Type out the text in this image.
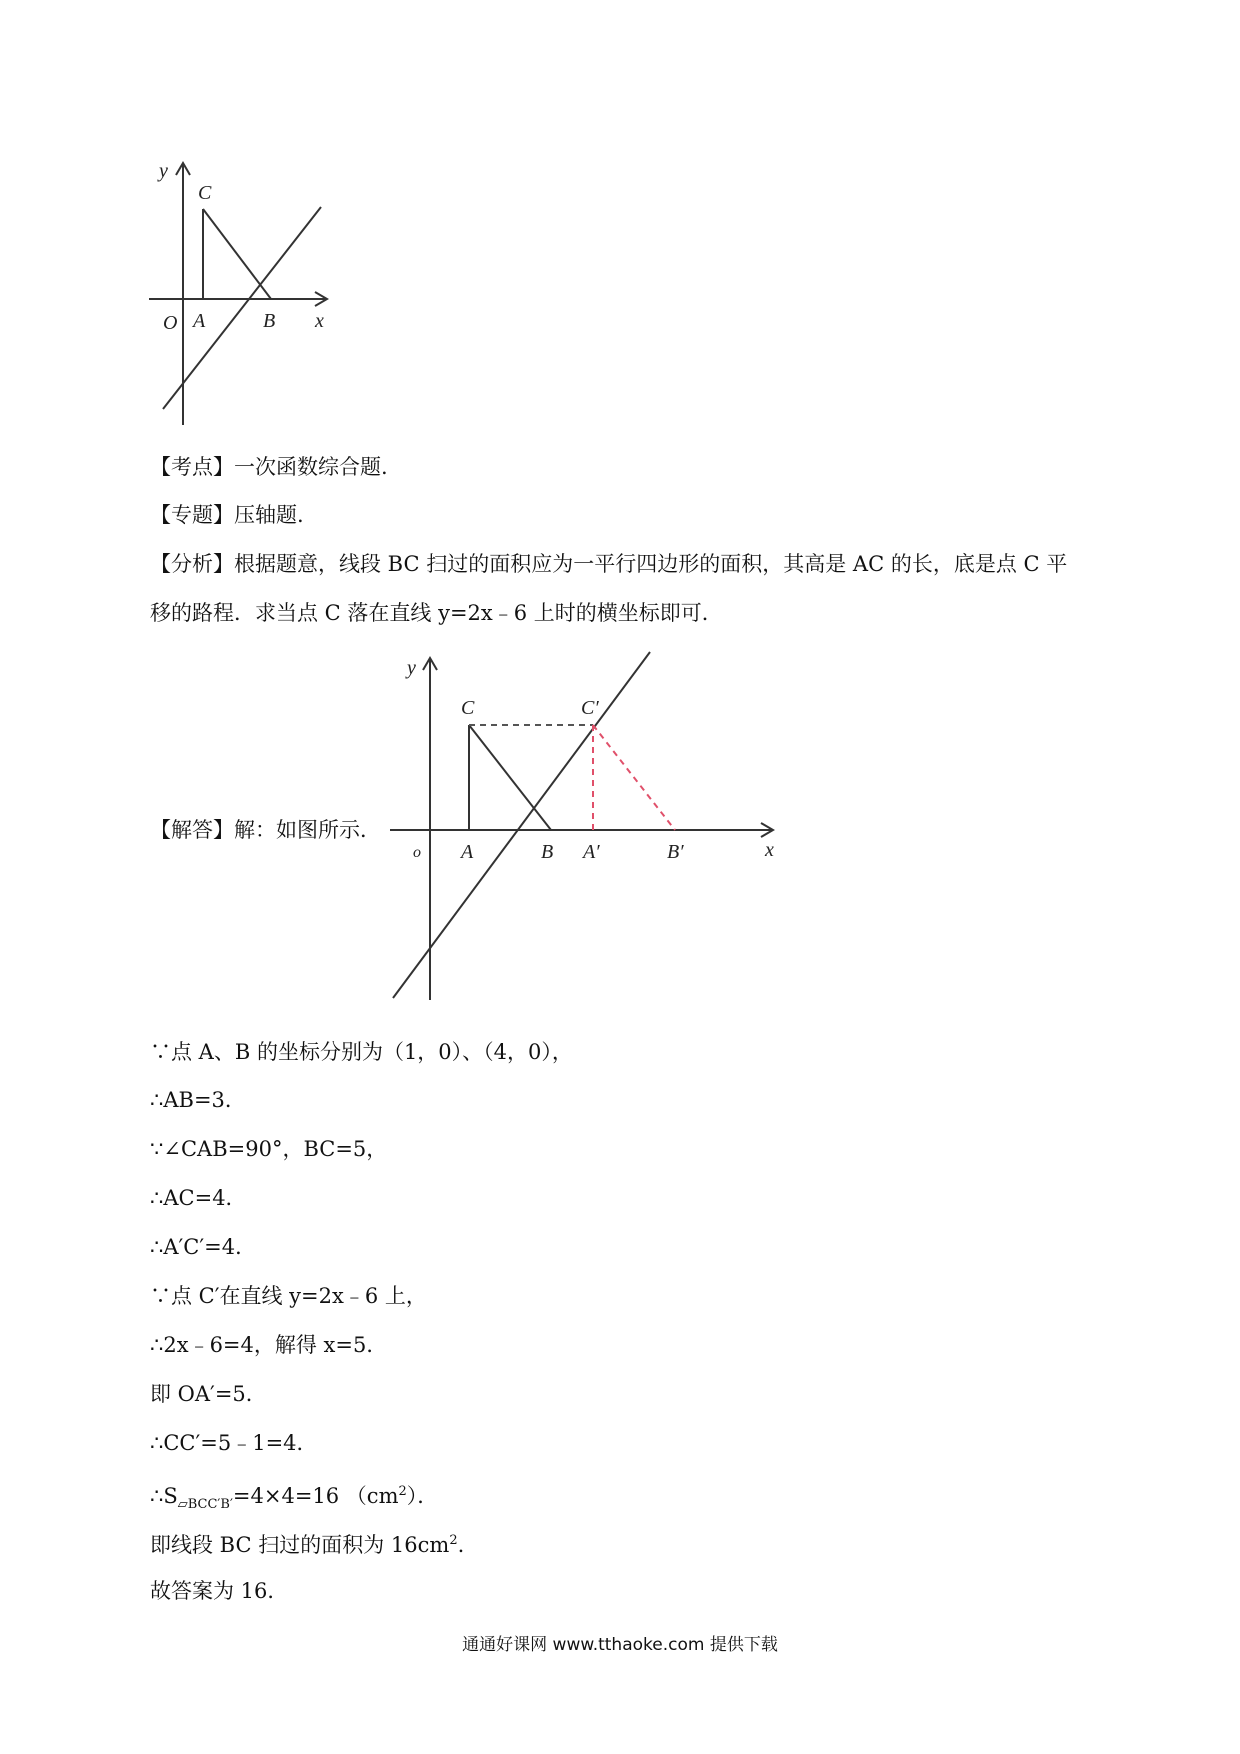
y
C
O A	B x
【考点】一次函数综合题.
【专题】压轴题.
【分析】根据题意，线段 BC 扫过的面积应为一平行四边形的面积，其高是 AC 的长，底是点 C 平
移的路程．求当点 C 落在直线 y=2x﹣6 上时的横坐标即可．
【解答】解：如图所示．
y
C	C′
o A	B A′	B′	x
∵点 A、B 的坐标分别为（1，0）、（4，0），
∴AB=3．
∵∠CAB=90°，BC=5，
∴AC=4．
∴A′C′=4．
∵点 C′在直线 y=2x﹣6 上，
∴2x﹣6=4，解得 x=5．
即 OA′=5．
∴CC′=5﹣1=4．
$\therefore S_{▱BCC'B'}=4\times 4=16$ $(cm^2)$．
即线段 BC 扫过的面积为 $16cm^2$.
故答案为 16．
通通好课网 www.tthaoke.com 提供下载
